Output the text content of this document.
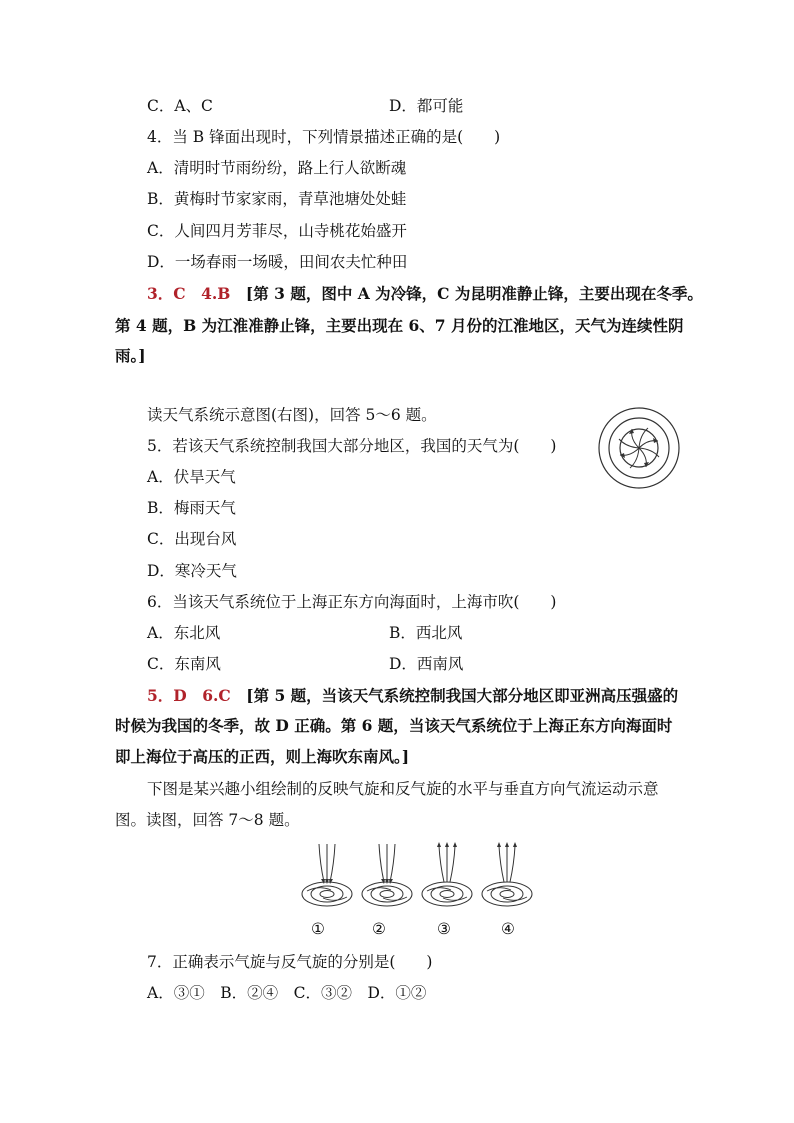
C．A、C	D．都可能
4．当 B 锋面出现时，下列情景描述正确的是(　　)
A．清明时节雨纷纷，路上行人欲断魂
B．黄梅时节家家雨，青草池塘处处蛙
C．人间四月芳菲尽，山寺桃花始盛开
D．一场春雨一场暖，田间农夫忙种田
3．C　4.B　[第 3 题，图中 A 为冷锋，C 为昆明准静止锋，主要出现在冬季。
第 4 题，B 为江淮准静止锋，主要出现在 6、7 月份的江淮地区，天气为连续性阴
雨。]
读天气系统示意图(右图)，回答 5～6 题。
5．若该天气系统控制我国大部分地区，我国的天气为(　　)
A．伏旱天气
B．梅雨天气
C．出现台风
D．寒冷天气
6．当该天气系统位于上海正东方向海面时，上海市吹(　　)
A．东北风	B．西北风
C．东南风	D．西南风
5．D　6.C　[第 5 题，当该天气系统控制我国大部分地区即亚洲高压强盛的
时候为我国的冬季，故 D 正确。第 6 题，当该天气系统位于上海正东方向海面时
即上海位于高压的正西，则上海吹东南风。]
下图是某兴趣小组绘制的反映气旋和反气旋的水平与垂直方向气流运动示意
图。读图，回答 7～8 题。
①	②	③	④
7．正确表示气旋与反气旋的分别是(　　)
A．③①　B．②④　C．③②　D．①②
